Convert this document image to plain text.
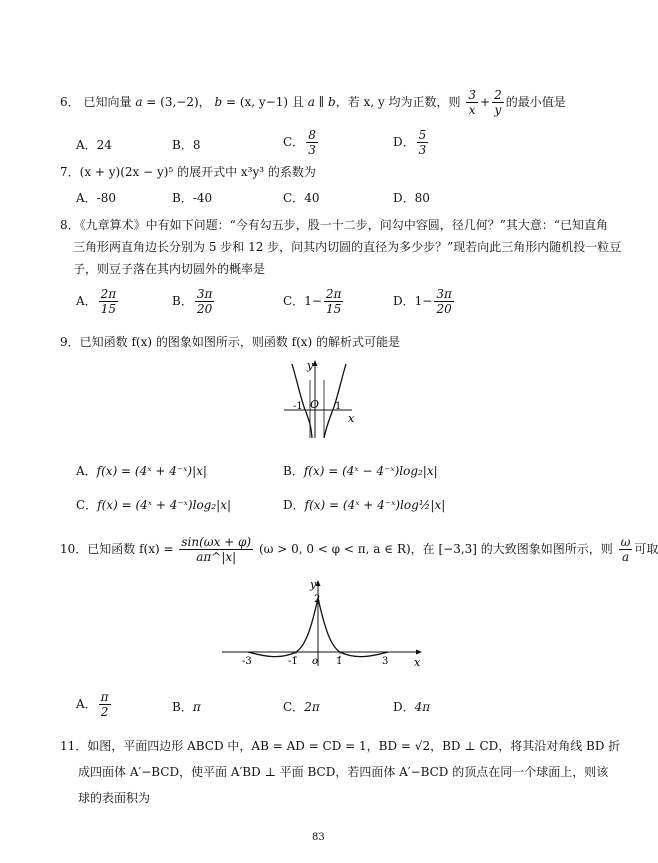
6． 已知向量 a = (3,−2)， b = (x, y−1) 且 a ∥ b，若 x, y 均为正数，则 $\frac{3}{x} + \frac{2}{y}$ 的最小值是
A．24	B．8	C． $\frac{8}{3}$	D． $\frac{5}{3}$
7．(x + y)(2x − y)⁵ 的展开式中 x³y³ 的系数为
A．-80	B．-40	C．40	D．80
8．《九章算术》中有如下问题：“今有勾五步，股一十二步，问勾中容圆，径几何？”其大意：“已知直角
三角形两直角边长分别为 5 步和 12 步，问其内切圆的直径为多少步？”现若向此三角形内随机投一粒豆
子，则豆子落在其内切圆外的概率是
A． $\frac{2\pi}{15}$	B． $\frac{3\pi}{20}$	C．$1- \frac{2\pi}{15}$	D．$1- \frac{3\pi}{20}$
9．已知函数 f(x) 的图象如图所示，则函数 f(x) 的解析式可能是
y
x
O
-1	1
A．f(x) = (4ˣ + 4⁻ˣ)|x|	B．f(x) = (4ˣ − 4⁻ˣ)log₂|x|
C．f(x) = (4ˣ + 4⁻ˣ)log₂|x|	D．f(x) = (4ˣ + 4⁻ˣ)log½|x|
10．已知函数 $f(x) = \frac{\sin(\omega x + \varphi)}{a\pi\^{}|x|} (\omega > 0$, 0 < φ < π, a ∈ R)，在 [−3,3] 的大致图象如图所示，则 $\frac{\omega}{a}$ 可取
y
2
x
o
-3	-1	1	3
A． $\frac{\pi}{2}$	B．π	C．2π	D．4π
11．如图，平面四边形 ABCD 中，AB = AD = CD = 1，BD = √2，BD ⊥ CD，将其沿对角线 BD 折
成四面体 A′−BCD，使平面 A′BD ⊥ 平面 BCD，若四面体 A′−BCD 的顶点在同一个球面上，则该
球的表面积为
83
